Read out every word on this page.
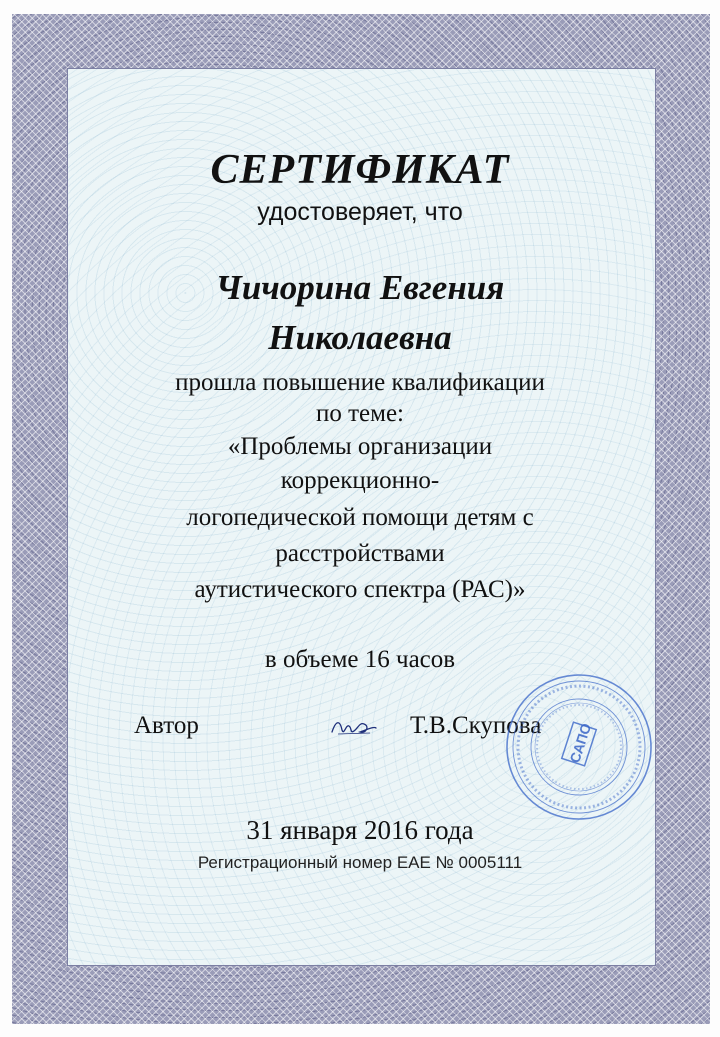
СЕРТИФИКАТ

удостоверяет, что

Чичорина Евгения

Николаевна

прошла повышение квалификации

по теме:

«Проблемы организации

коррекционно-

логопедической помощи детям с

расстройствами

аутистического спектра (РАС)»

в объеме 16 часов

Автор	Т.В.Скупова САПО

31 января 2016 года

Регистрационный номер ЕАЕ № 0005111
